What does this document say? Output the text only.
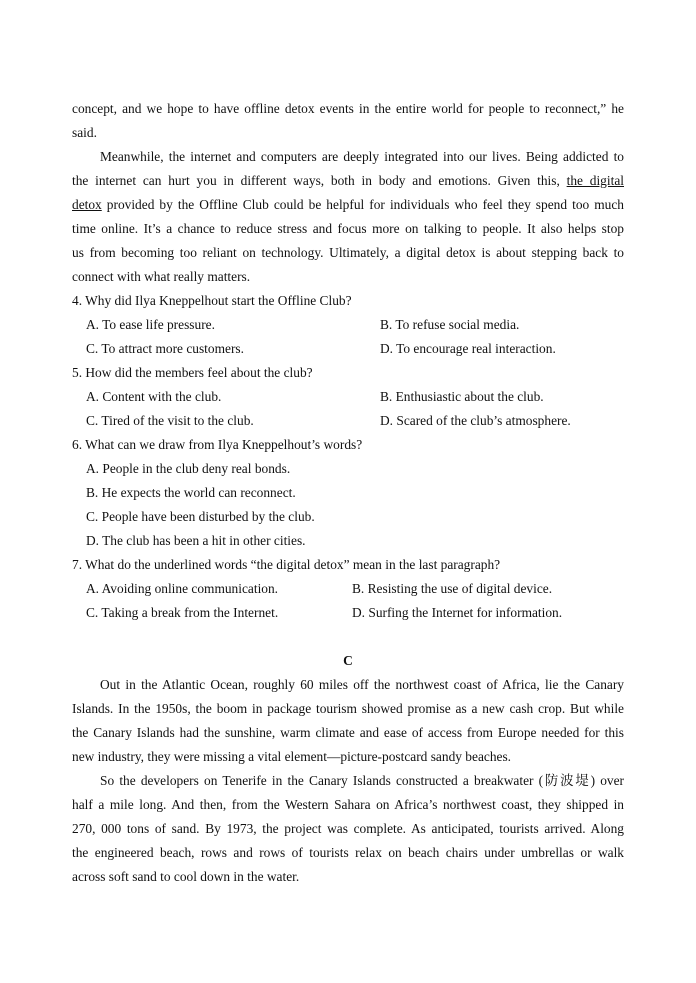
concept, and we hope to have offline detox events in the entire world for people to reconnect,” he
said.
Meanwhile, the internet and computers are deeply integrated into our lives. Being addicted to
the internet can hurt you in different ways, both in body and emotions. Given this, the digital
detox provided by the Offline Club could be helpful for individuals who feel they spend too much
time online. It’s a chance to reduce stress and focus more on talking to people. It also helps stop
us from becoming too reliant on technology. Ultimately, a digital detox is about stepping back to
connect with what really matters.
4. Why did Ilya Kneppelhout start the Offline Club?
A. To ease life pressure.	B. To refuse social media.
C. To attract more customers.	D. To encourage real interaction.
5. How did the members feel about the club?
A. Content with the club.	B. Enthusiastic about the club.
C. Tired of the visit to the club.	D. Scared of the club’s atmosphere.
6. What can we draw from Ilya Kneppelhout’s words?
A. People in the club deny real bonds.
B. He expects the world can reconnect.
C. People have been disturbed by the club.
D. The club has been a hit in other cities.
7. What do the underlined words “the digital detox” mean in the last paragraph?
A. Avoiding online communication.	B. Resisting the use of digital device.
C. Taking a break from the Internet.	D. Surfing the Internet for information.
C
Out in the Atlantic Ocean, roughly 60 miles off the northwest coast of Africa, lie the Canary
Islands. In the 1950s, the boom in package tourism showed promise as a new cash crop. But while
the Canary Islands had the sunshine, warm climate and ease of access from Europe needed for this
new industry, they were missing a vital element—picture-postcard sandy beaches.
So the developers on Tenerife in the Canary Islands constructed a breakwater (防波堤) over
half a mile long. And then, from the Western Sahara on Africa’s northwest coast, they shipped in
270, 000 tons of sand. By 1973, the project was complete. As anticipated, tourists arrived. Along
the engineered beach, rows and rows of tourists relax on beach chairs under umbrellas or walk
across soft sand to cool down in the water.
